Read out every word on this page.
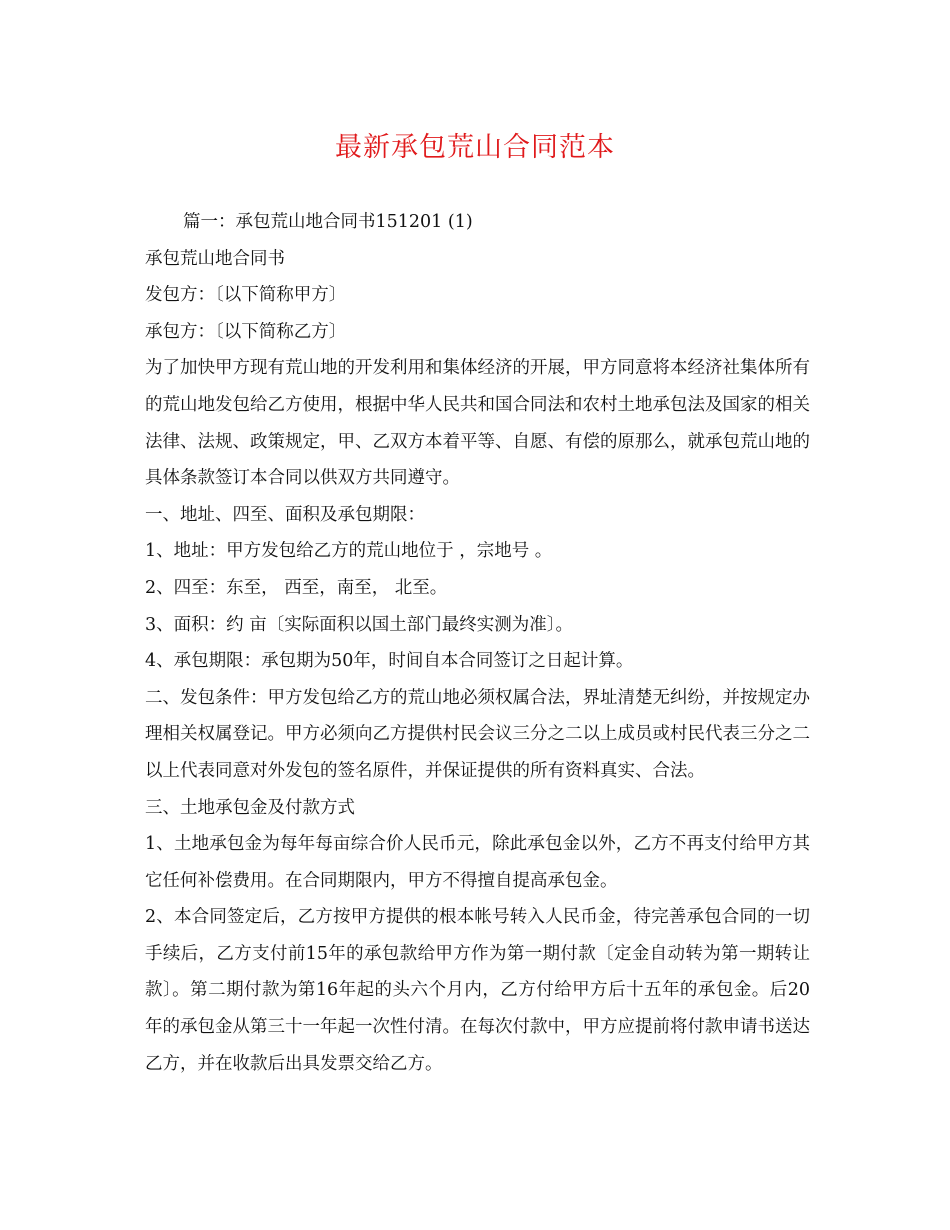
最新承包荒山合同范本

篇一：承包荒山地合同书151201 (1)

承包荒山地合同书

发包方：〔以下简称甲方〕

承包方：〔以下简称乙方〕

为了加快甲方现有荒山地的开发利用和集体经济的开展，甲方同意将本经济社集体所有的荒山地发包给乙方使用，根据中华人民共和国合同法和农村土地承包法及国家的相关法律、法规、政策规定，甲、乙双方本着平等、自愿、有偿的原那么，就承包荒山地的具体条款签订本合同以供双方共同遵守。

一、地址、四至、面积及承包期限：

1、地址：甲方发包给乙方的荒山地位于 ，宗地号 。

2、四至：东至， 西至，南至， 北至。

3、面积：约 亩〔实际面积以国土部门最终实测为准〕。

4、承包期限：承包期为50年，时间自本合同签订之日起计算。

二、发包条件：甲方发包给乙方的荒山地必须权属合法，界址清楚无纠纷，并按规定办理相关权属登记。甲方必须向乙方提供村民会议三分之二以上成员或村民代表三分之二以上代表同意对外发包的签名原件，并保证提供的所有资料真实、合法。

三、土地承包金及付款方式

1、土地承包金为每年每亩综合价人民币元，除此承包金以外，乙方不再支付给甲方其它任何补偿费用。在合同期限内，甲方不得擅自提高承包金。

2、本合同签定后，乙方按甲方提供的根本帐号转入人民币金，待完善承包合同的一切手续后，乙方支付前15年的承包款给甲方作为第一期付款〔定金自动转为第一期转让款〕。第二期付款为第16年起的头六个月内，乙方付给甲方后十五年的承包金。后20年的承包金从第三十一年起一次性付清。在每次付款中，甲方应提前将付款申请书送达乙方，并在收款后出具发票交给乙方。
